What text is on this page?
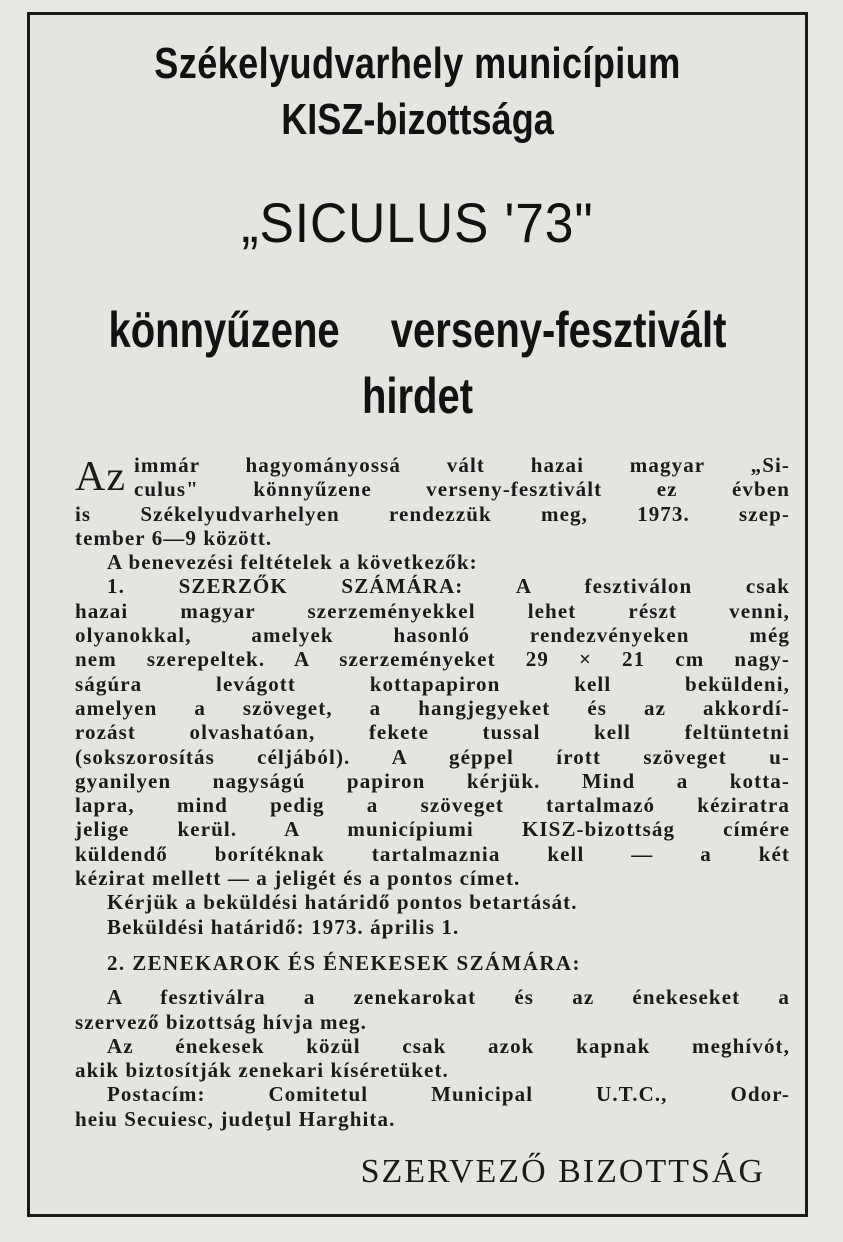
Székelyudvarhely municípium
KISZ-bizottsága
„SICULUS '73"
könnyűzene verseny-fesztivált
hirdet
Az immár hagyományossá vált hazai magyar „Si-

culus" könnyűzene verseny-fesztivált ez évben

is Székelyudvarhelyen rendezzük meg, 1973. szep-

tember 6—9 között.

A benevezési feltételek a következők:

1. SZERZŐK SZÁMÁRA: A fesztiválon csak

hazai magyar szerzeményekkel lehet részt venni,

olyanokkal, amelyek hasonló rendezvényeken még

nem szerepeltek. A szerzeményeket 29 × 21 cm nagy-

ságúra levágott kottapapiron kell beküldeni,

amelyen a szöveget, a hangjegyeket és az akkordí-

rozást olvashatóan, fekete tussal kell feltüntetni

(sokszorosítás céljából). A géppel írott szöveget u-

gyanilyen nagyságú papiron kérjük. Mind a kotta-

lapra, mind pedig a szöveget tartalmazó kéziratra

jelige kerül. A municípiumi KISZ-bizottság címére

küldendő borítéknak tartalmaznia kell — a két

kézirat mellett — a jeligét és a pontos címet.

Kérjük a beküldési határidő pontos betartását.

Beküldési határidő: 1973. április 1.

2. ZENEKAROK ÉS ÉNEKESEK SZÁMÁRA:

A fesztiválra a zenekarokat és az énekeseket a

szervező bizottság hívja meg.

Az énekesek közül csak azok kapnak meghívót,

akik biztosítják zenekari kíséretüket.

Postacím: Comitetul Municipal U.T.C., Odor-

heiu Secuiesc, judeţul Harghita.

SZERVEZŐ BIZOTTSÁG
